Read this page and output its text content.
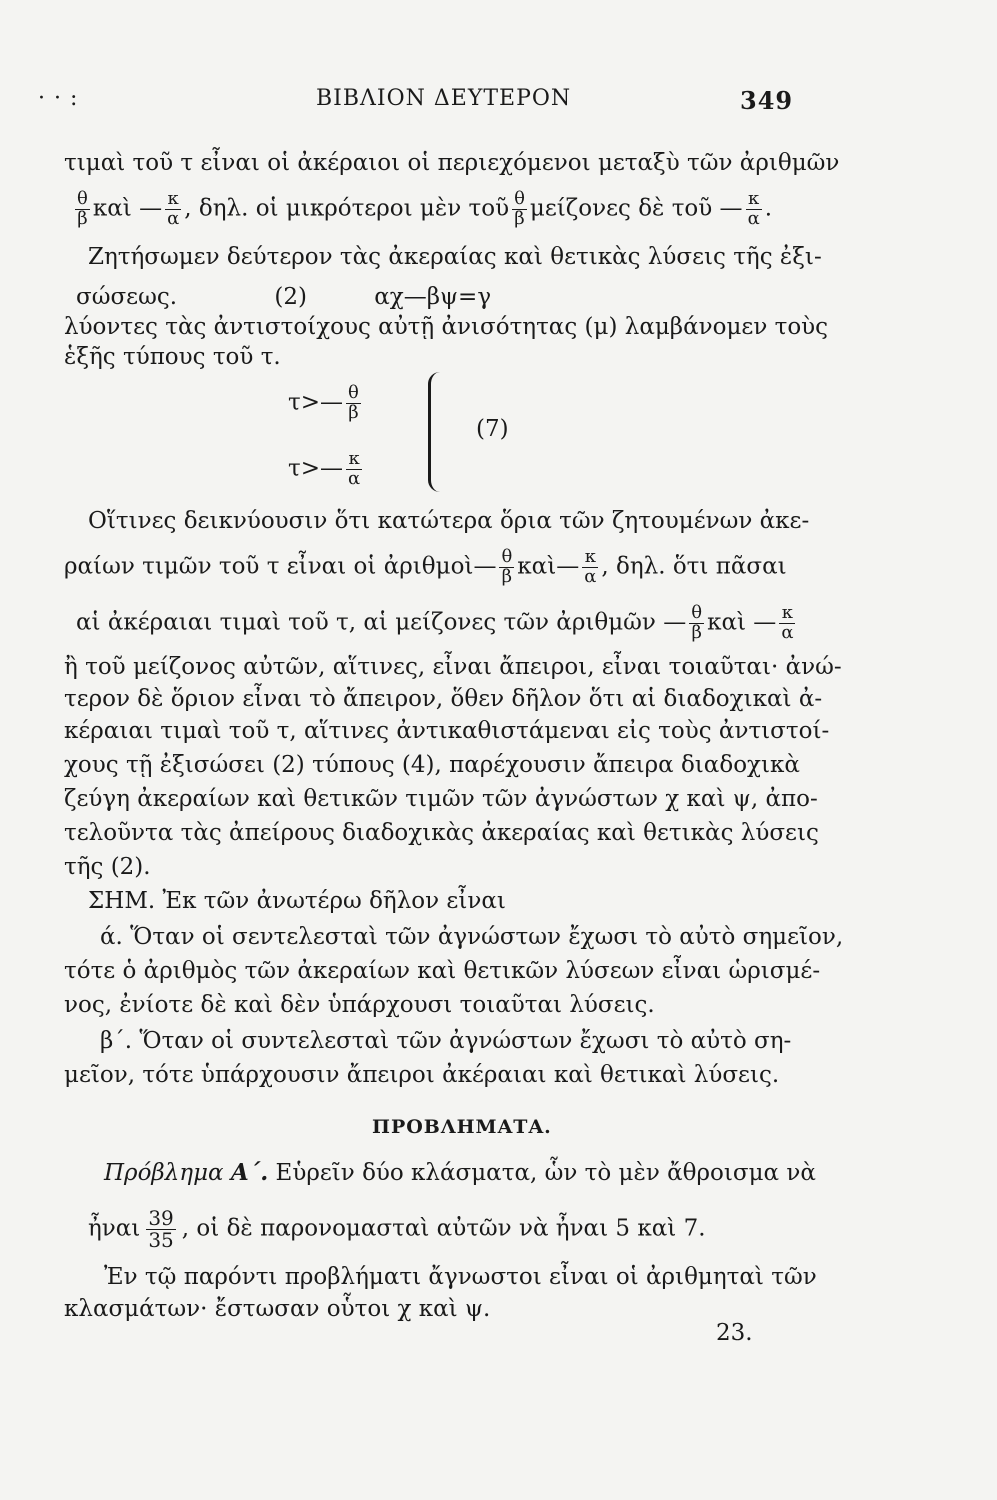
· · :	ΒΙΒΛΙΟΝ ΔΕΥΤΕΡΟΝ	349
τιμαὶ τοῦ τ εἶναι οἱ ἀκέραιοι οἱ περιεχόμενοι μεταξὺ τῶν ἀριθμῶν
$\frac{\theta}{\beta}$ καὶ — $\frac{\kappa}{\alpha}$ , δηλ. οἱ μικρότεροι μὲν τοῦ $\frac{\theta}{\beta}$ μείζονες δὲ τοῦ — $\frac{\kappa}{\alpha}$ .
Ζητήσωμεν δεύτερον τὰς ἀκεραίας καὶ θετικὰς λύσεις τῆς ἐξι-
σώσεως.	(2)	αχ—βψ=γ
λύοντες τὰς ἀντιστοίχους αὐτῇ ἀνισότητας (μ) λαμβάνομεν τοὺς
ἑξῆς τύπους τοῦ τ.
τ>— $\frac{\theta}{\beta}$
τ>— $\frac{\kappa}{\alpha}$
(7)
Οἵτινες δεικνύουσιν ὅτι κατώτερα ὅρια τῶν ζητουμένων ἀκε-
ραίων τιμῶν τοῦ τ εἶναι οἱ ἀριθμοὶ— $\frac{\theta}{\beta}$ καὶ— $\frac{\kappa}{\alpha}$ , δηλ. ὅτι πᾶσαι
αἱ ἀκέραιαι τιμαὶ τοῦ τ, αἱ μείζονες τῶν ἀριθμῶν — $\frac{\theta}{\beta}$ καὶ — $\frac{\kappa}{\alpha}$
ἢ τοῦ μείζονος αὐτῶν, αἵτινες, εἶναι ἄπειροι, εἶναι τοιαῦται· ἀνώ-
τερον δὲ ὅριον εἶναι τὸ ἄπειρον, ὅθεν δῆλον ὅτι αἱ διαδοχικαὶ ἀ-
κέραιαι τιμαὶ τοῦ τ, αἵτινες ἀντικαθιστάμεναι εἰς τοὺς ἀντιστοί-
χους τῇ ἐξισώσει (2) τύπους (4), παρέχουσιν ἄπειρα διαδοχικὰ
ζεύγη ἀκεραίων καὶ θετικῶν τιμῶν τῶν ἀγνώστων χ καὶ ψ, ἀπο-
τελοῦντα τὰς ἀπείρους διαδοχικὰς ἀκεραίας καὶ θετικὰς λύσεις
τῆς (2).
ΣΗΜ. Ἐκ τῶν ἀνωτέρω δῆλον εἶναι
ά. Ὅταν οἱ σεντελεσταὶ τῶν ἀγνώστων ἔχωσι τὸ αὐτὸ σημεῖον,
τότε ὁ ἀριθμὸς τῶν ἀκεραίων καὶ θετικῶν λύσεων εἶναι ὡρισμέ-
νος, ἐνίοτε δὲ καὶ δὲν ὑπάρχουσι τοιαῦται λύσεις.
β΄. Ὅταν οἱ συντελεσταὶ τῶν ἀγνώστων ἔχωσι τὸ αὐτὸ ση-
μεῖον, τότε ὑπάρχουσιν ἄπειροι ἀκέραιαι καὶ θετικαὶ λύσεις.
ΠΡΟΒΛΗΜΑΤΑ.
Πρόβλημα Α΄. Εὑρεῖν δύο κλάσματα, ὧν τὸ μὲν ἄθροισμα νὰ
ἦναι $\frac{39}{35}$ , οἱ δὲ παρονομασταὶ αὐτῶν νὰ ἦναι 5 καὶ 7.
Ἐν τῷ παρόντι προβλήματι ἄγνωστοι εἶναι οἱ ἀριθμηταὶ τῶν
κλασμάτων· ἔστωσαν οὗτοι χ καὶ ψ.
23.
